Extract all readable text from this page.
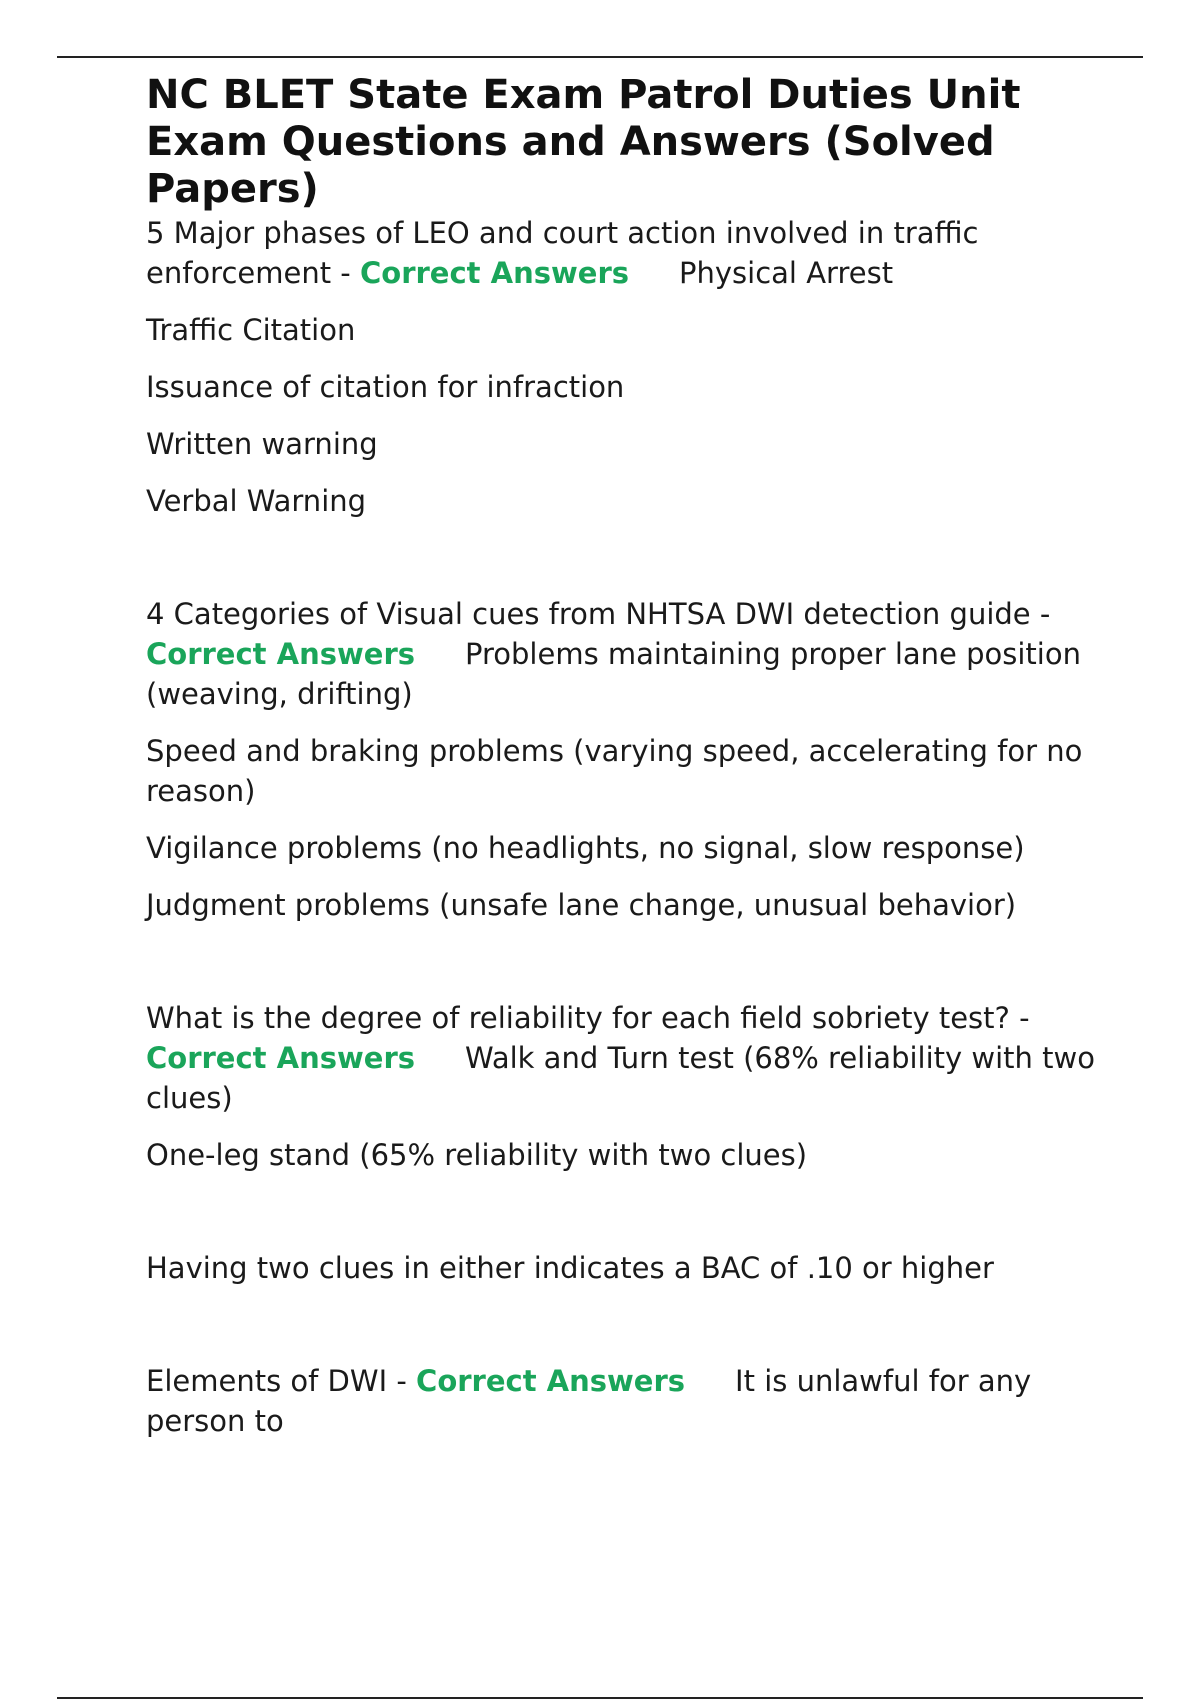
NC BLET State Exam Patrol Duties Unit Exam Questions and Answers (Solved Papers)

5 Major phases of LEO and court action involved in traffic enforcement - Correct Answers Physical Arrest

Traffic Citation

Issuance of citation for infraction

Written warning

Verbal Warning

4 Categories of Visual cues from NHTSA DWI detection guide - Correct Answers Problems maintaining proper lane position (weaving, drifting)

Speed and braking problems (varying speed, accelerating for no reason)

Vigilance problems (no headlights, no signal, slow response)

Judgment problems (unsafe lane change, unusual behavior)

What is the degree of reliability for each field sobriety test? - Correct Answers Walk and Turn test (68% reliability with two clues)

One-leg stand (65% reliability with two clues)

Having two clues in either indicates a BAC of .10 or higher

Elements of DWI - Correct Answers It is unlawful for any person to
